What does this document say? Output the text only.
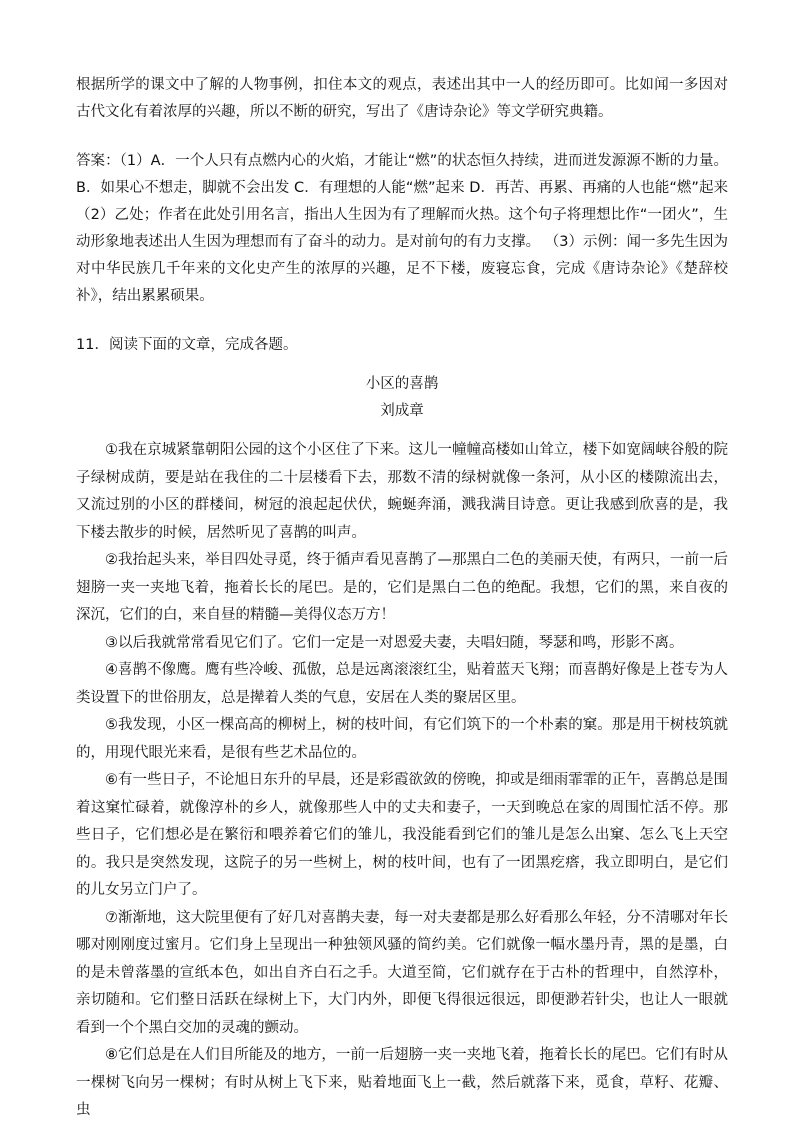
根据所学的课文中了解的人物事例，扣住本文的观点，表述出其中一人的经历即可。比如闻一多因对古代文化有着浓厚的兴趣，所以不断的研究，写出了《唐诗杂论》等文学研究典籍。

答案：（1）A．一个人只有点燃内心的火焰，才能让“燃”的状态恒久持续，进而迸发源源不断的力量。B．如果心不想走，脚就不会出发 C．有理想的人能“燃”起来 D．再苦、再累、再痛的人也能“燃”起来 （2）乙处；作者在此处引用名言，指出人生因为有了理解而火热。这个句子将理想比作“一团火”，生动形象地表述出人生因为理想而有了奋斗的动力。是对前句的有力支撑。 （3）示例：闻一多先生因为对中华民族几千年来的文化史产生的浓厚的兴趣，足不下楼，废寝忘食，完成《唐诗杂论》《楚辞校补》，结出累累硕果。

11．阅读下面的文章，完成各题。

小区的喜鹊
刘成章

①我在京城紧靠朝阳公园的这个小区住了下来。这儿一幢幢高楼如山耸立，楼下如宽阔峡谷般的院子绿树成荫，要是站在我住的二十层楼看下去，那数不清的绿树就像一条河，从小区的楼隙流出去，又流过别的小区的群楼间，树冠的浪起起伏伏，蜿蜒奔涌，溅我满目诗意。更让我感到欣喜的是，我下楼去散步的时候，居然听见了喜鹊的叫声。

②我抬起头来，举目四处寻觅，终于循声看见喜鹊了—那黑白二色的美丽天使，有两只，一前一后翅膀一夹一夹地飞着，拖着长长的尾巴。是的，它们是黑白二色的绝配。我想，它们的黑，来自夜的深沉，它们的白，来自昼的精髓—美得仪态万方！

③以后我就常常看见它们了。它们一定是一对恩爱夫妻，夫唱妇随，琴瑟和鸣，形影不离。

④喜鹊不像鹰。鹰有些冷峻、孤傲，总是远离滚滚红尘，贴着蓝天飞翔；而喜鹊好像是上苍专为人类设置下的世俗朋友，总是撵着人类的气息，安居在人类的聚居区里。

⑤我发现，小区一棵高高的柳树上，树的枝叶间，有它们筑下的一个朴素的窠。那是用干树枝筑就的，用现代眼光来看，是很有些艺术品位的。

⑥有一些日子，不论旭日东升的早晨，还是彩霞欲敛的傍晚，抑或是细雨霏霏的正午，喜鹊总是围着这窠忙碌着，就像淳朴的乡人，就像那些人中的丈夫和妻子，一天到晚总在家的周围忙活不停。那些日子，它们想必是在繁衍和喂养着它们的雏儿，我没能看到它们的雏儿是怎么出窠、怎么飞上天空的。我只是突然发现，这院子的另一些树上，树的枝叶间，也有了一团黑疙瘩，我立即明白，是它们的儿女另立门户了。

⑦渐渐地，这大院里便有了好几对喜鹊夫妻，每一对夫妻都是那么好看那么年轻，分不清哪对年长哪对刚刚度过蜜月。它们身上呈现出一种独领风骚的简约美。它们就像一幅水墨丹青，黑的是墨，白的是未曾落墨的宣纸本色，如出自齐白石之手。大道至简，它们就存在于古朴的哲理中，自然淳朴，亲切随和。它们整日活跃在绿树上下，大门内外，即便飞得很远很远，即便渺若针尖，也让人一眼就看到一个个黑白交加的灵魂的颤动。

⑧它们总是在人们目所能及的地方，一前一后翅膀一夹一夹地飞着，拖着长长的尾巴。它们有时从一棵树飞向另一棵树；有时从树上飞下来，贴着地面飞上一截，然后就落下来，觅食，草籽、花瓣、虫
